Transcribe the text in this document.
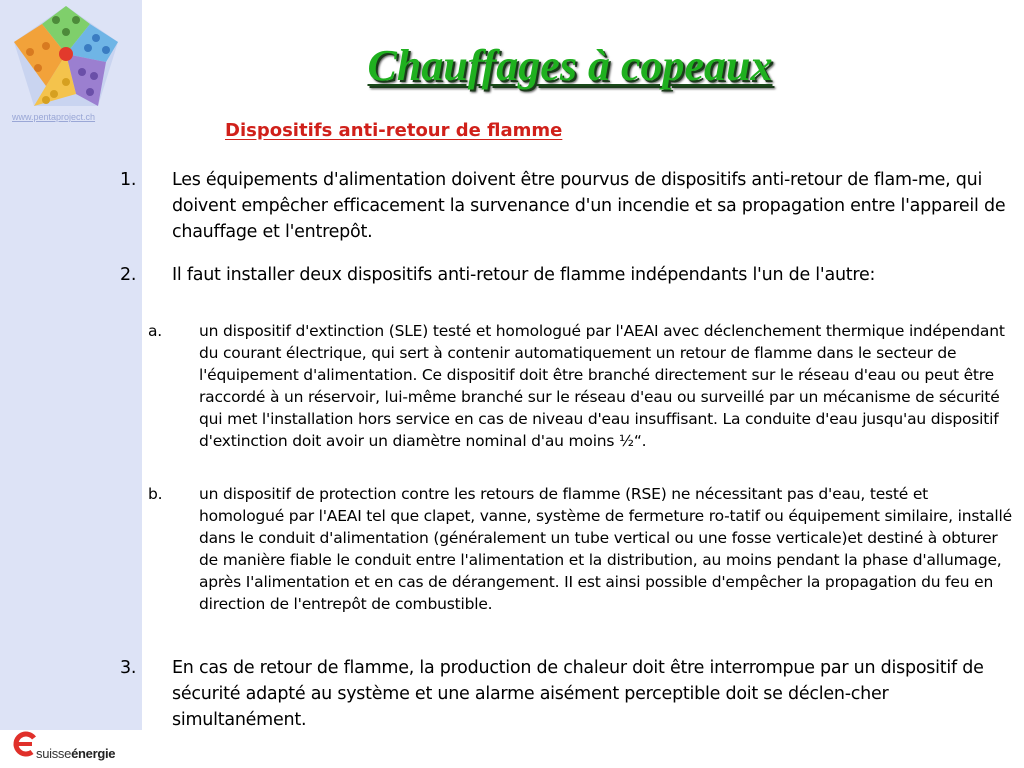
www.pentaproject.ch
suisseénergie
Chauffages à copeaux
Dispositifs anti-retour de flamme
1. Les équipements d'alimentation doivent être pourvus de dispositifs anti-retour de flam-me, qui doivent empêcher efficacement la survenance d'un incendie et sa propagation entre l'appareil de chauffage et l'entrepôt.
2. Il faut installer deux dispositifs anti-retour de flamme indépendants l'un de l'autre:
a. un dispositif d'extinction (SLE) testé et homologué par l'AEAI avec déclenchement thermique indépendant du courant électrique, qui sert à contenir automatiquement un retour de flamme dans le secteur de l'équipement d'alimentation. Ce dispositif doit être branché directement sur le réseau d'eau ou peut être raccordé à un réservoir, lui-même branché sur le réseau d'eau ou surveillé par un mécanisme de sécurité qui met l'installation hors service en cas de niveau d'eau insuffisant. La conduite d'eau jusqu'au dispositif d'extinction doit avoir un diamètre nominal d'au moins ½“.
b. un dispositif de protection contre les retours de flamme (RSE) ne nécessitant pas d'eau, testé et homologué par l'AEAI tel que clapet, vanne, système de fermeture ro-tatif ou équipement similaire, installé dans le conduit d'alimentation (généralement un tube vertical ou une fosse verticale)et destiné à obturer de manière fiable le conduit entre l'alimentation et la distribution, au moins pendant la phase d'allumage, après I'alimentation et en cas de dérangement. II est ainsi possible d'empêcher la propagation du feu en direction de l'entrepôt de combustible.
3. En cas de retour de flamme, la production de chaleur doit être interrompue par un dispositif de sécurité adapté au système et une alarme aisément perceptible doit se déclen-cher simultanément.
